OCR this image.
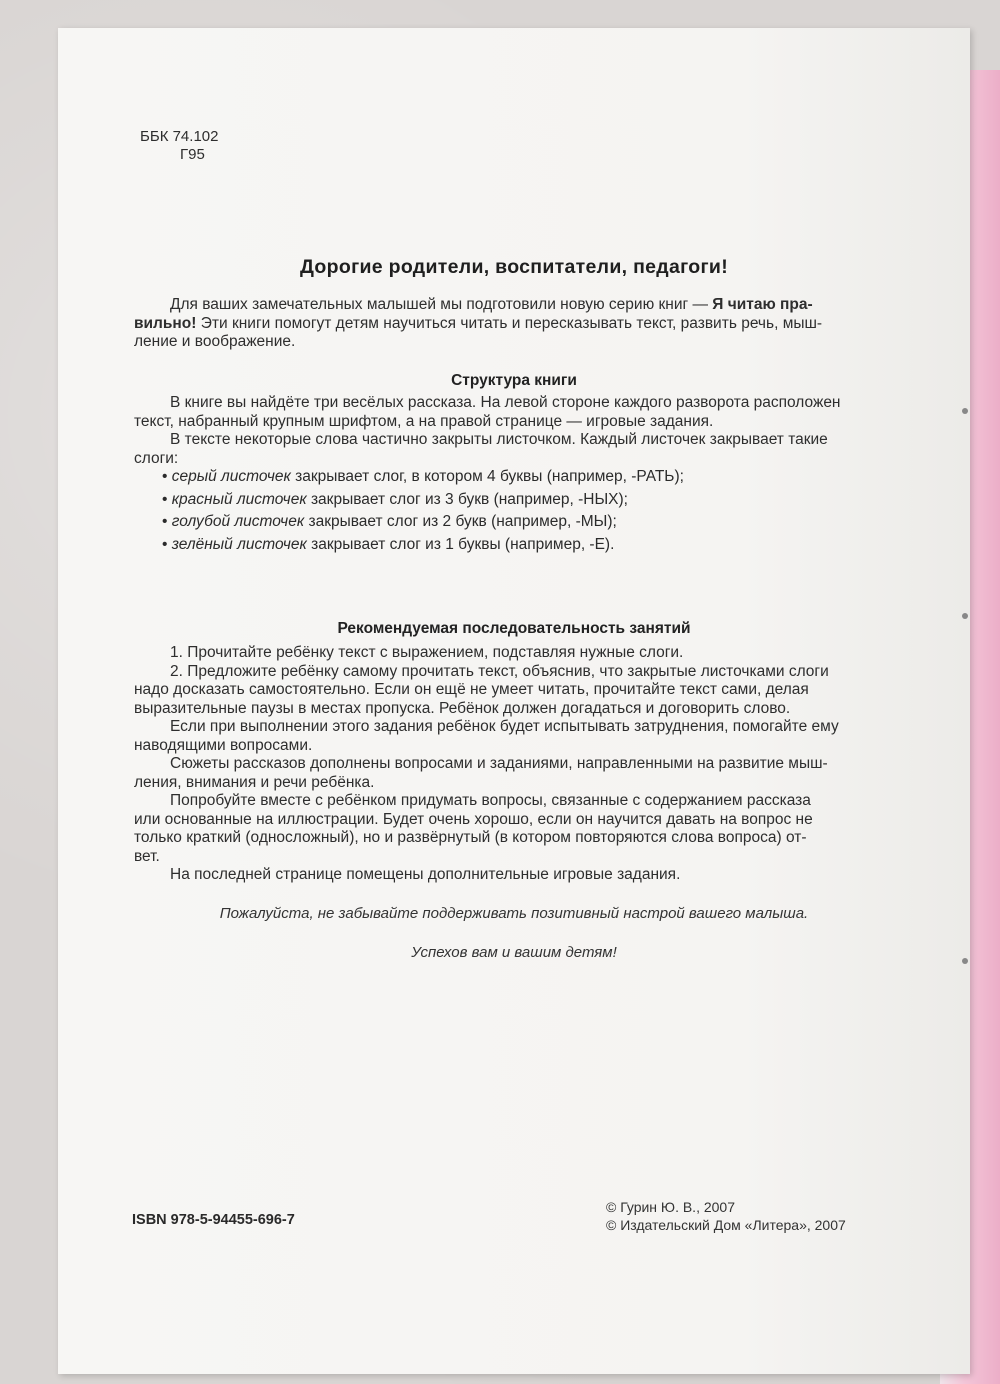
ББК 74.102
Г95
Дорогие родители, воспитатели, педагоги!

Для ваших замечательных малышей мы подготовили новую серию книг — Я читаю пра-

вильно! Эти книги помогут детям научиться читать и пересказывать текст, развить речь, мыш-

ление и воображение.

Структура книги

В книге вы найдёте три весёлых рассказа. На левой стороне каждого разворота расположен

текст, набранный крупным шрифтом, а на правой странице — игровые задания.

В тексте некоторые слова частично закрыты листочком. Каждый листочек закрывает такие

слоги:

• серый листочек закрывает слог, в котором 4 буквы (например, -РАТЬ);
• красный листочек закрывает слог из 3 букв (например, -НЫХ);
• голубой листочек закрывает слог из 2 букв (например, -МЫ);
• зелёный листочек закрывает слог из 1 буквы (например, -Е).
Рекомендуемая последовательность занятий

1. Прочитайте ребёнку текст с выражением, подставляя нужные слоги.

2. Предложите ребёнку самому прочитать текст, объяснив, что закрытые листочками слоги

надо досказать самостоятельно. Если он ещё не умеет читать, прочитайте текст сами, делая

выразительные паузы в местах пропуска. Ребёнок должен догадаться и договорить слово.

Если при выполнении этого задания ребёнок будет испытывать затруднения, помогайте ему

наводящими вопросами.

Сюжеты рассказов дополнены вопросами и заданиями, направленными на развитие мыш-

ления, внимания и речи ребёнка.

Попробуйте вместе с ребёнком придумать вопросы, связанные с содержанием рассказа

или основанные на иллюстрации. Будет очень хорошо, если он научится давать на вопрос не

только краткий (односложный), но и развёрнутый (в котором повторяются слова вопроса) от-

вет.

На последней странице помещены дополнительные игровые задания.

Пожалуйста, не забывайте поддерживать позитивный настрой вашего малыша.
Успехов вам и вашим детям!
ISBN 978-5-94455-696-7
© Гурин Ю. В., 2007
© Издательский Дом «Литера», 2007
